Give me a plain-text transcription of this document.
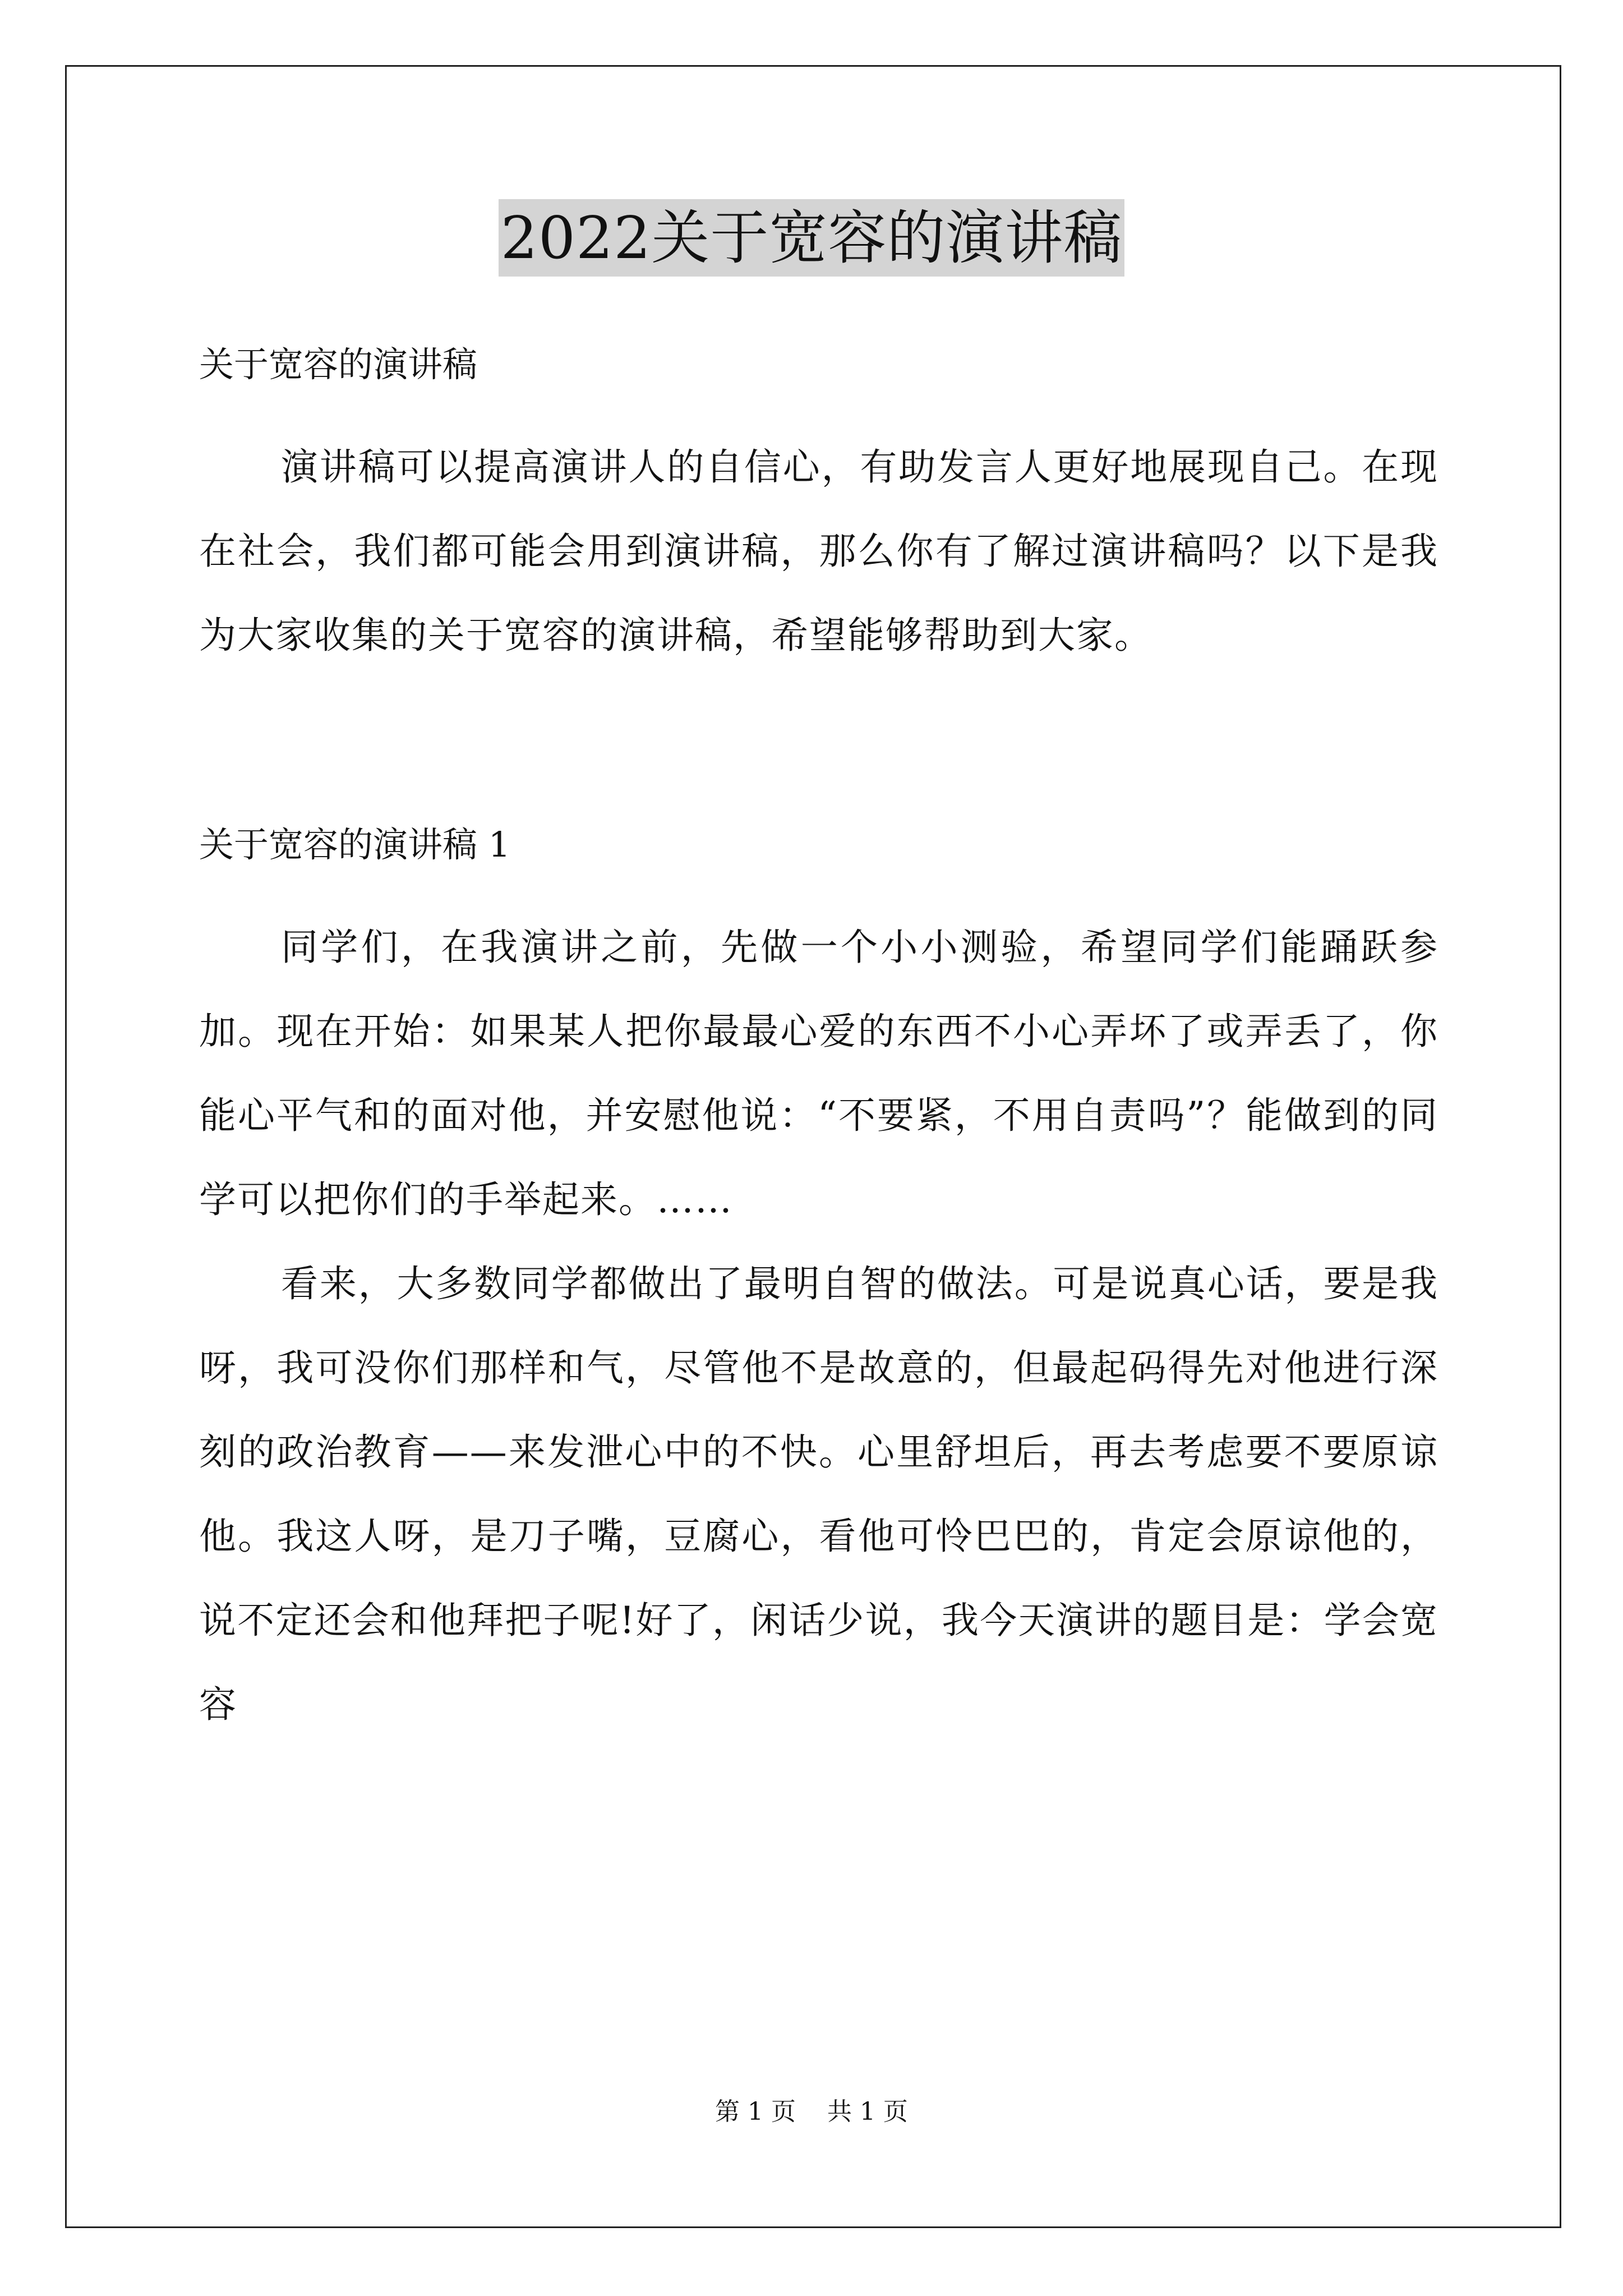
2022关于宽容的演讲稿
关于宽容的演讲稿

演讲稿可以提高演讲人的自信心，有助发言人更好地展现自己。在现在社会，我们都可能会用到演讲稿，那么你有了解过演讲稿吗？以下是我为大家收集的关于宽容的演讲稿，希望能够帮助到大家。

关于宽容的演讲稿 1

同学们，在我演讲之前，先做一个小小测验，希望同学们能踊跃参加。现在开始：如果某人把你最最心爱的东西不小心弄坏了或弄丢了，你能心平气和的面对他，并安慰他说：“不要紧，不用自责吗”？能做到的同学可以把你们的手举起来。……

看来，大多数同学都做出了最明自智的做法。可是说真心话，要是我呀，我可没你们那样和气，尽管他不是故意的，但最起码得先对他进行深刻的政治教育——来发泄心中的不快。心里舒坦后，再去考虑要不要原谅他。我这人呀，是刀子嘴，豆腐心，看他可怜巴巴的，肯定会原谅他的，说不定还会和他拜把子呢!好了，闲话少说，我今天演讲的题目是：学会宽容

第 1 页    共 1 页
